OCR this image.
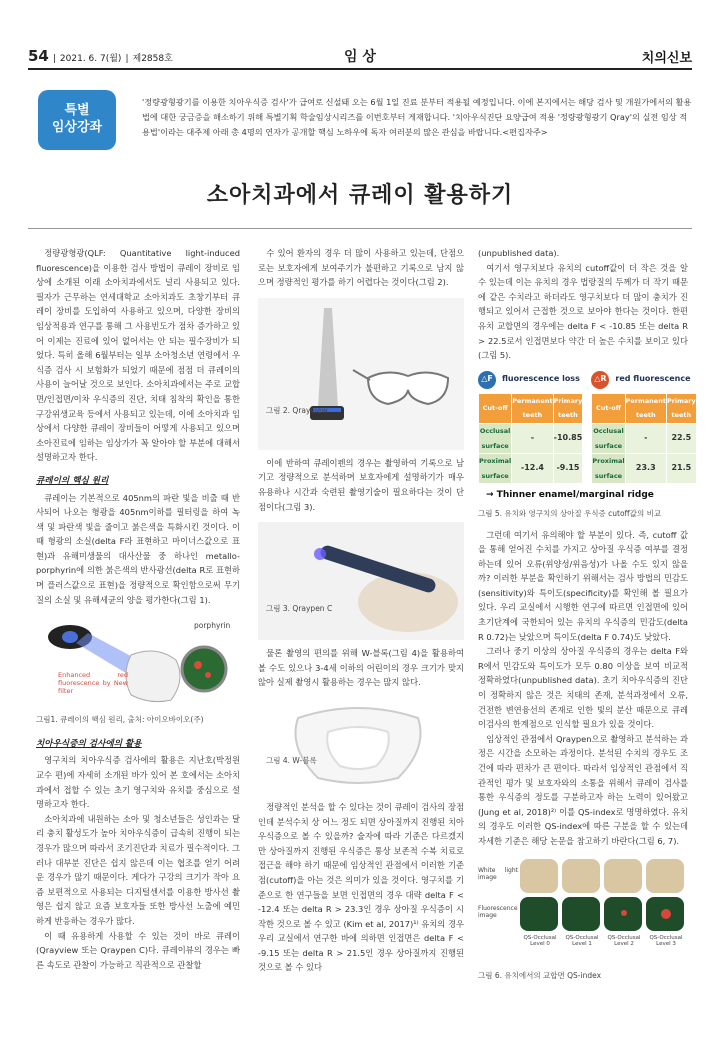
54 | 2021. 6. 7(월) | 제2858호	임 상	치의신보
특별
임상강좌
'정량광형광기를 이용한 치아우식증 검사'가 급여로 신설돼 오는 6월 1일 진료 분부터 적용될 예정입니다. 이에 본지에서는 해당 검사 및 개원가에서의 활용법에 대한 궁금증을 해소하기 위해 특별기획 학술임상시리즈를 이번호부터 게재합니다. '치아우식진단 요양급여 적용 '정량광형광기 Qray'의 실전 임상 적용법'이라는 대주제 아래 총 4명의 연자가 공개할 핵심 노하우에 독자 여러분의 많은 관심을 바랍니다.<편집자주>
소아치과에서 큐레이 활용하기

정량광형광(QLF: Quantitative light-induced fluorescence)을 이용한 검사 방법이 큐레이 장비로 임상에 소개된 이래 소아치과에서도 널리 사용되고 있다. 필자가 근무하는 연세대학교 소아치과도 초창기부터 큐레이 장비를 도입하여 사용하고 있으며, 다양한 장비의 임상적용과 연구를 통해 그 사용빈도가 점차 증가하고 있어 이제는 진료에 있어 없어서는 안 되는 필수장비가 되었다. 특히 올해 6월부터는 일부 소아청소년 연령에서 우식증 검사 시 보험화가 되었기 때문에 점점 더 큐레이의 사용이 늘어날 것으로 보인다. 소아치과에서는 주로 교합면/인접면/이차 우식증의 진단, 치태 침착의 확인을 통한 구강위생교육 등에서 사용되고 있는데, 이에 소아치과 임상에서 다양한 큐레이 장비들이 어떻게 사용되고 있으며 소아진료에 임하는 임상가가 꼭 알아야 할 부분에 대해서 설명하고자 한다.

큐레이의 핵심 원리

큐레이는 기본적으로 405nm의 파란 빛을 비출 때 반사되어 나오는 형광을 405nm이하를 필터링을 하여 녹색 및 파란색 빛을 줄이고 붉은색을 특화시킨 것이다. 이 때 형광의 소실(delta F라 표현하고 마이너스값으로 표현)과 유해미생물의 대사산물 중 하나인 metallo-porphyrin에 의한 붉은색의 반사광선(delta R로 표현하며 플러스값으로 표현)을 정량적으로 확인함으로써 무기질의 소실 및 유해세균의 양을 평가한다(그림 1).

porphyrin
Enhanced red fluorescence by New filter
그림1. 큐레이의 핵심 원리, 출처: 아이오바이오(주)
치아우식증의 검사에의 활용

영구치의 치아우식증 검사에의 활용은 지난호(박정원 교수 편)에 자세히 소개된 바가 있어 본 호에서는 소아치과에서 접할 수 있는 초기 영구치와 유치를 중심으로 설명하고자 한다.

소아치과에 내원하는 소아 및 청소년들은 성인과는 달리 충치 활성도가 높아 치아우식증이 급속히 진행이 되는 경우가 많으며 따라서 조기진단과 치료가 필수적이다. 그러나 대부분 진단은 쉽지 않은데 이는 협조를 얻기 어려운 경우가 많기 때문이다. 게다가 구강의 크기가 작아 요즘 보편적으로 사용되는 디지털센서를 이용한 방사선 촬영은 쉽지 않고 요즘 보호자들 또한 방사선 노출에 예민하게 반응하는 경우가 많다.

이 때 유용하게 사용할 수 있는 것이 바로 큐레이(Qrayview 또는 Qraypen C)다. 큐레이뷰의 경우는 빠른 속도로 관찰이 가능하고 직관적으로 관찰할

수 있어 환자의 경우 더 많이 사용하고 있는데, 단점으로는 보호자에게 보여주기가 불편하고 기록으로 남지 않으며 정량적인 평가를 하기 어렵다는 것이다(그림 2).

그림 2. Qrayview

이에 반하여 큐레이펜의 경우는 촬영하여 기록으로 남기고 정량적으로 분석하며 보호자에게 설명하기가 매우 유용하나 시간과 숙련된 촬영기술이 필요하다는 것이 단점이다(그림 3).

그림 3. Qraypen C

물론 촬영의 편의를 위해 W-블록(그림 4)을 활용하여 볼 수도 있으나 3-4세 이하의 어린이의 경우 크기가 맞지 않아 실제 촬영시 활용하는 경우는 많지 않다.

그림 4. W-블록

정량적인 분석을 할 수 있다는 것이 큐레이 검사의 장점인데 분석수치 상 어느 정도 되면 상아질까지 진행된 치아우식증으로 볼 수 있을까? 술자에 따라 기준은 다르겠지만 상아질까지 진행된 우식증은 통상 보존적 수복 치료로 접근을 해야 하기 때문에 임상적인 관점에서 이러한 기준점(cutoff)을 아는 것은 의미가 있을 것이다. 영구치를 기준으로 한 연구들을 보면 인접면의 경우 대략 delta F < -12.4 또는 delta R > 23.3인 경우 상아질 우식증이 시작한 것으로 볼 수 있고 (Kim et al, 2017)¹⁾ 유치의 경우 우리 교실에서 연구한 바에 의하면 인접면은 delta F < -9.15 또는 delta R > 21.5인 경우 상아질까지 진행된 것으로 볼 수 있다

(unpublished data).

여기서 영구치보다 유치의 cutoff값이 더 작은 것을 알 수 있는데 이는 유치의 경우 법랑질의 두께가 더 작기 때문에 같은 수치라고 하더라도 영구치보다 더 많이 충치가 진행되고 있어서 근접한 것으로 보아야 한다는 것이다. 한편 유치 교합면의 경우에는 delta F < -10.85 또는 delta R > 22.5로서 인접면보다 약간 더 높은 수치를 보이고 있다(그림 5).

△F	fluorescence loss
Cut-off	Permanent teeth	Primary teeth
Occlusal surface	-	-10.85
Proximal surface	-12.4	-9.15
△R	red fluorescence
Cut-off	Permanent teeth	Primary teeth
Occlusal surface	-	22.5
Proximal surface	23.3	21.5
→ Thinner enamel/marginal ridge
그림 5. 유치와 영구치의 상아질 우식증 cutoff값의 비교

그런데 여기서 유의해야 할 부분이 있다. 즉, cutoff 값을 통해 얻어진 수치를 가지고 상아질 우식증 여부를 결정하는데 있어 오류(위양성/위음성)가 나올 수도 있지 않을까? 이러한 부분을 확인하기 위해서는 검사 방법의 민감도(sensitivity)와 특이도(specificity)를 확인해 볼 필요가 있다. 우리 교실에서 시행한 연구에 따르면 인접면에 있어 초기단계에 국한되어 있는 유치의 우식증의 민감도(delta R 0.72)는 낮았으며 특이도(delta F 0.74)도 낮았다.

그러나 중기 이상의 상아질 우식증의 경우는 delta F와 R에서 민감도와 특이도가 모두 0.80 이상을 보여 비교적 정확하였다(unpublished data). 초기 치아우식증의 진단이 정확하지 않은 것은 치태의 존재, 분석과정에서 오류, 건전한 변연융선의 존재로 인한 빛의 분산 때문으로 큐레이검사의 한계점으로 인식할 필요가 있을 것이다.

임상적인 관점에서 Qraypen으로 촬영하고 분석하는 과정은 시간을 소모하는 과정이다. 분석된 수치의 경우도 조건에 따라 편차가 큰 편이다. 따라서 임상적인 관점에서 직관적인 평가 및 보호자와의 소통을 위해서 큐레이 검사를 통한 우식증의 정도를 구분하고자 하는 노력이 있어왔고 (Jung et al, 2018)²⁾ 이를 QS-index로 명명하였다. 유치의 경우도 이러한 QS-index에 따른 구분을 할 수 있는데 자세한 기준은 해당 논문을 참고하기 바란다(그림 6, 7).

White light image
Fluorescence image
QS-Occlusal Level 0
QS-Occlusal Level 1
QS-Occlusal Level 2
QS-Occlusal Level 3
그림 6. 유치에서의 교합면 QS-index
